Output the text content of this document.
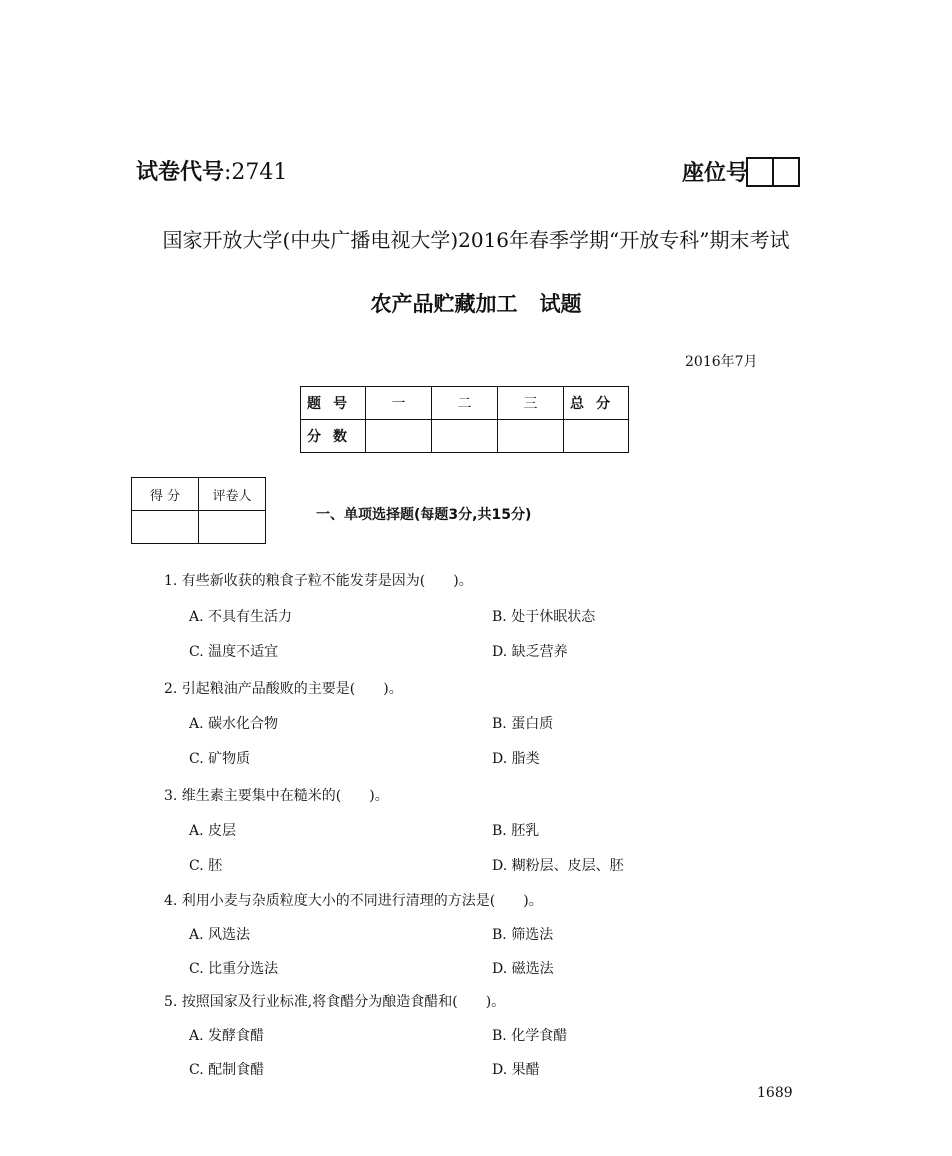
试卷代号:2741	座位号
国家开放大学(中央广播电视大学)2016年春季学期“开放专科”期末考试
农产品贮藏加工 试题
2016年7月
题号	一	二	三	总分
分数				
得 分	评卷人

一、单项选择题(每题3分,共15分)
1. 有些新收获的粮食子粒不能发芽是因为(　　)。
A. 不具有生活力	B. 处于休眠状态
C. 温度不适宜	D. 缺乏营养
2. 引起粮油产品酸败的主要是(　　)。
A. 碳水化合物	B. 蛋白质
C. 矿物质	D. 脂类
3. 维生素主要集中在糙米的(　　)。
A. 皮层	B. 胚乳
C. 胚	D. 糊粉层、皮层、胚
4. 利用小麦与杂质粒度大小的不同进行清理的方法是(　　)。
A. 风选法	B. 筛选法
C. 比重分选法	D. 磁选法
5. 按照国家及行业标准,将食醋分为酿造食醋和(　　)。
A. 发酵食醋	B. 化学食醋
C. 配制食醋	D. 果醋
1689
